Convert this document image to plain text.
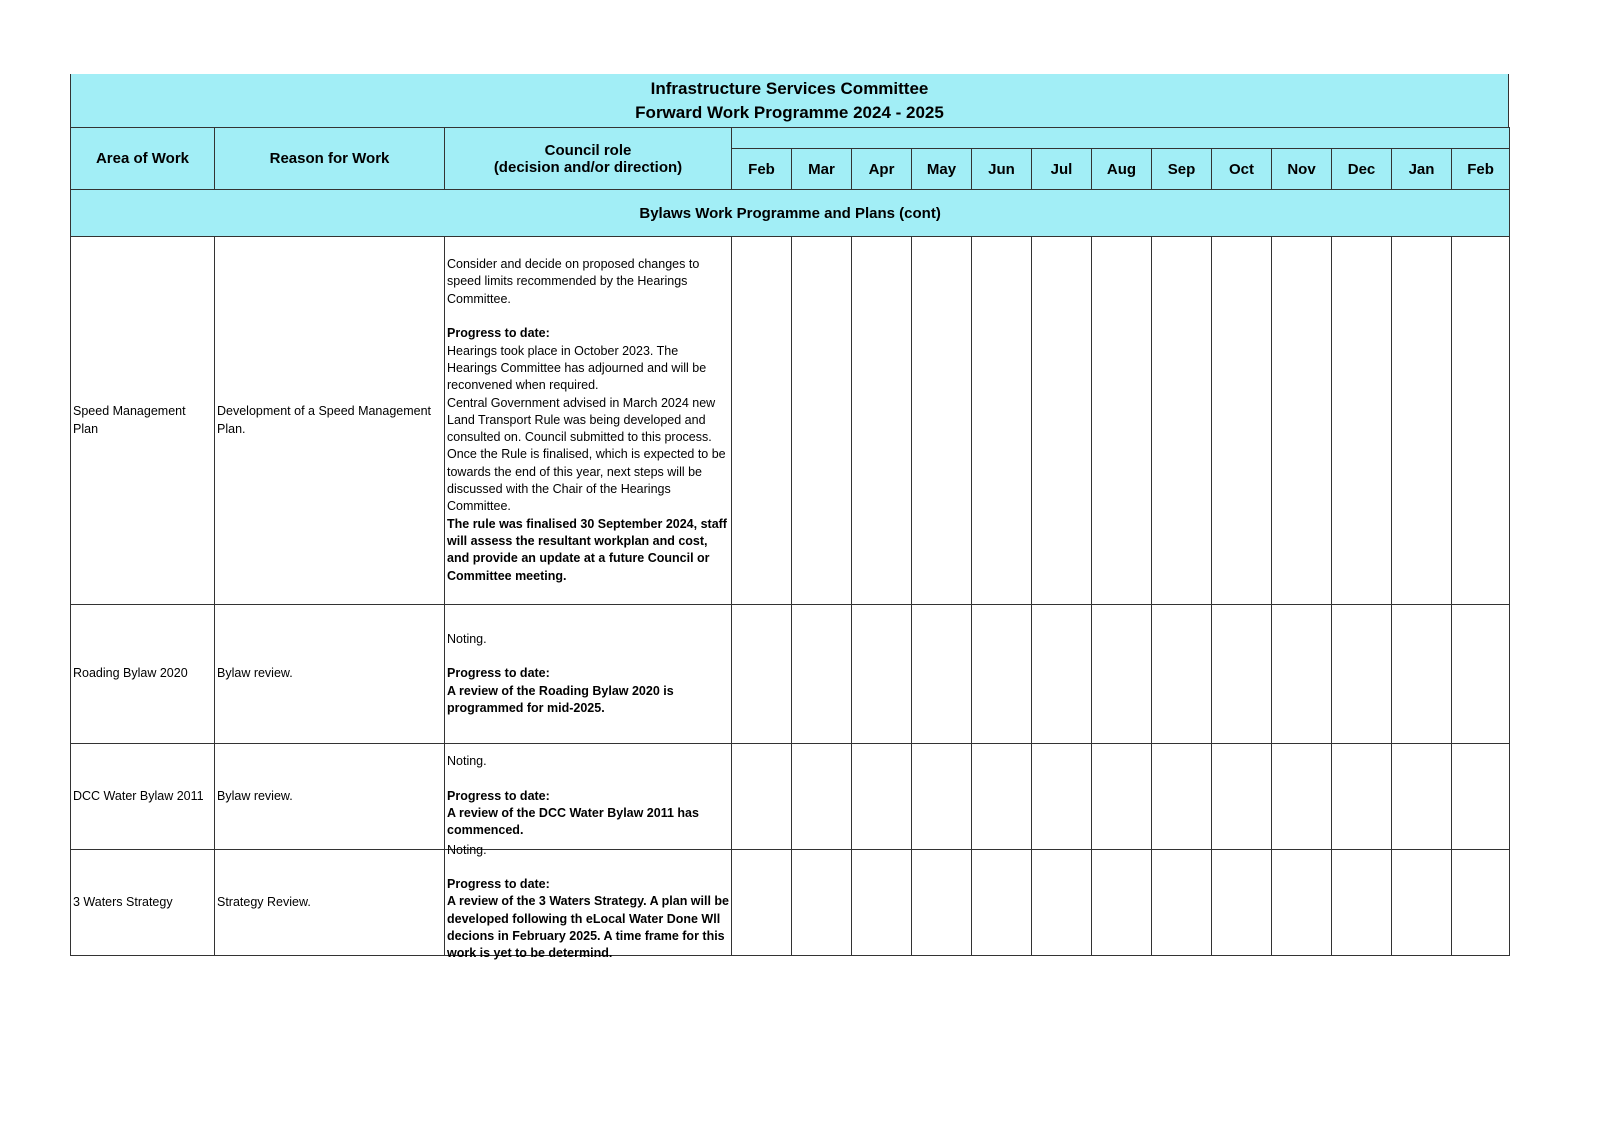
Infrastructure Services Committee
Forward Work Programme 2024 - 2025
Area of Work	Reason for Work	Council role
(decision and/or direction)													

			Feb	Mar	Apr	May	Jun	Jul	Aug	Sep	Oct	Nov	Dec	Jan	Feb
Bylaws Work Programme and Plans (cont)															
Speed Management Plan	Development of a Speed Management Plan.	Consider and decide on proposed changes to speed limits recommended by the Hearings Committee.

Progress to date:

Hearings took place in October 2023. The Hearings Committee has adjourned and will be reconvened when required.
Central Government advised in March 2024 new Land Transport Rule was being developed and consulted on. Council submitted to this process. Once the Rule is finalised, which is expected to be towards the end of this year, next steps will be discussed with the Chair of the Hearings Committee.

The rule was finalised 30 September 2024, staff will assess the resultant workplan and cost, and provide an update at a future Council or Committee meeting.													

Roading Bylaw 2020	Bylaw review.	Noting.

Progress to date:

A review of the Roading Bylaw 2020 is programmed for mid-2025.													

DCC Water Bylaw 2011	Bylaw review.	Noting.

Progress to date:

A review of the DCC Water Bylaw 2011 has commenced.													

3 Waters Strategy	Strategy Review.	Noting.

Progress to date:

A review of the 3 Waters Strategy. A plan will be developed following th eLocal Water Done Wll decions in February 2025. A time frame for this work is yet to be determind.													
